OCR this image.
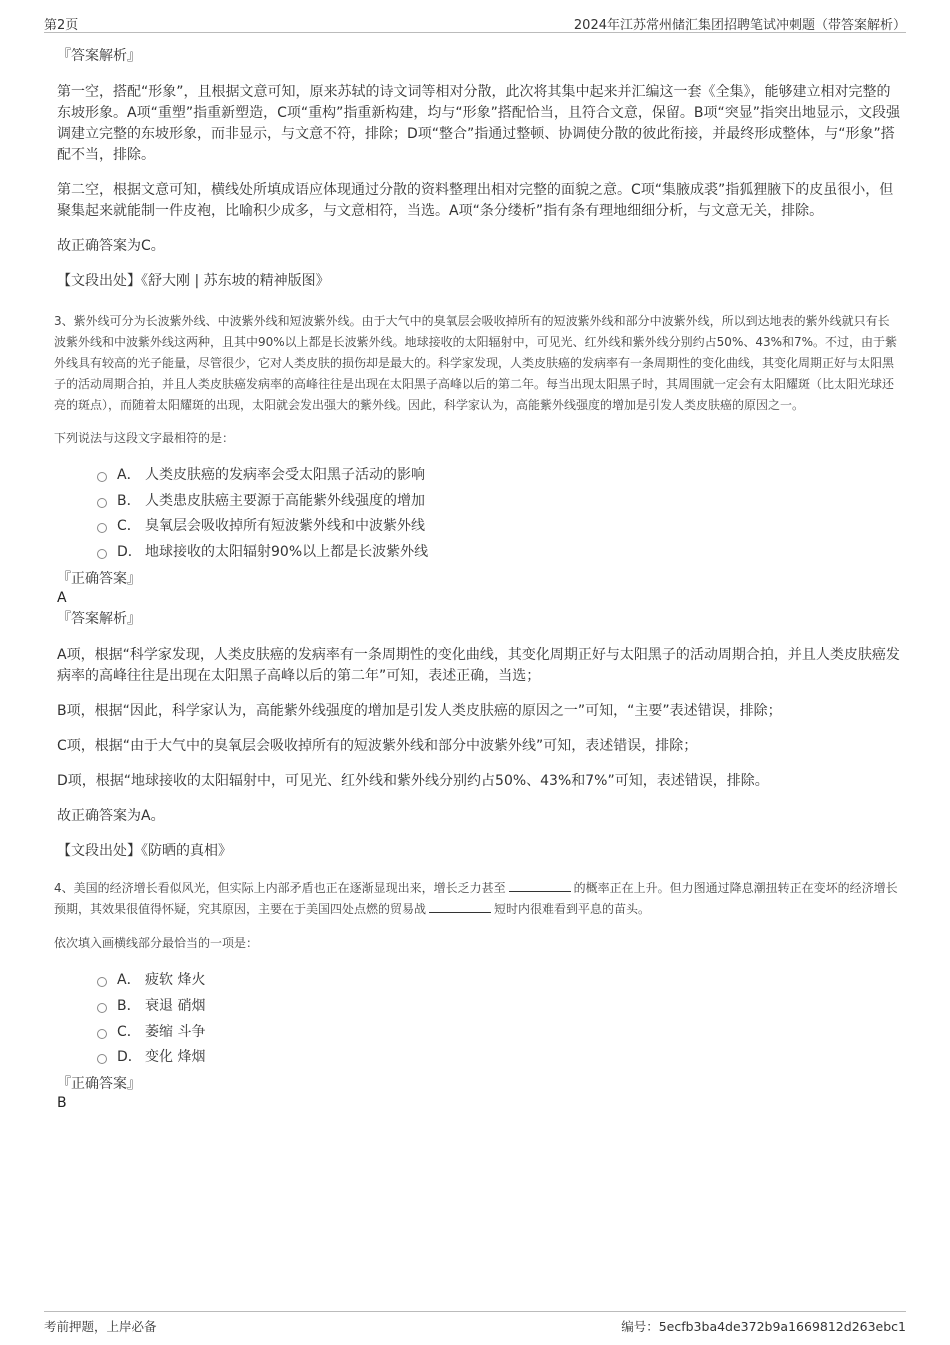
第2页	2024年江苏常州储汇集团招聘笔试冲刺题（带答案解析）

『答案解析』

第一空，搭配“形象”，且根据文意可知，原来苏轼的诗文词等相对分散，此次将其集中起来并汇编这一套《全集》，能够建立相对完整的东坡形象。A项“重塑”指重新塑造，C项“重构”指重新构建，均与“形象”搭配恰当，且符合文意，保留。B项“突显”指突出地显示，文段强调建立完整的东坡形象，而非显示，与文意不符，排除；D项“整合”指通过整顿、协调使分散的彼此衔接，并最终形成整体，与“形象”搭配不当，排除。

第二空，根据文意可知，横线处所填成语应体现通过分散的资料整理出相对完整的面貌之意。C项“集腋成裘”指狐狸腋下的皮虽很小，但聚集起来就能制一件皮袍，比喻积少成多，与文意相符，当选。A项“条分缕析”指有条有理地细细分析，与文意无关，排除。

故正确答案为C。

【文段出处】《舒大刚 | 苏东坡的精神版图》

3、紫外线可分为长波紫外线、中波紫外线和短波紫外线。由于大气中的臭氧层会吸收掉所有的短波紫外线和部分中波紫外线，所以到达地表的紫外线就只有长波紫外线和中波紫外线这两种，且其中90%以上都是长波紫外线。地球接收的太阳辐射中，可见光、红外线和紫外线分别约占50%、43%和7%。不过，由于紫外线具有较高的光子能量，尽管很少，它对人类皮肤的损伤却是最大的。科学家发现，人类皮肤癌的发病率有一条周期性的变化曲线，其变化周期正好与太阳黑子的活动周期合拍，并且人类皮肤癌发病率的高峰往往是出现在太阳黑子高峰以后的第二年。每当出现太阳黑子时，其周围就一定会有太阳耀斑（比太阳光球还亮的斑点），而随着太阳耀斑的出现，太阳就会发出强大的紫外线。因此，科学家认为，高能紫外线强度的增加是引发人类皮肤癌的原因之一。

下列说法与这段文字最相符的是：

A． 人类皮肤癌的发病率会受太阳黑子活动的影响
B． 人类患皮肤癌主要源于高能紫外线强度的增加
C． 臭氧层会吸收掉所有短波紫外线和中波紫外线
D． 地球接收的太阳辐射90%以上都是长波紫外线

『正确答案』

A

『答案解析』

A项，根据“科学家发现，人类皮肤癌的发病率有一条周期性的变化曲线，其变化周期正好与太阳黑子的活动周期合拍，并且人类皮肤癌发病率的高峰往往是出现在太阳黑子高峰以后的第二年”可知，表述正确，当选；

B项，根据“因此，科学家认为，高能紫外线强度的增加是引发人类皮肤癌的原因之一”可知，“主要”表述错误，排除；

C项，根据“由于大气中的臭氧层会吸收掉所有的短波紫外线和部分中波紫外线”可知，表述错误，排除；

D项，根据“地球接收的太阳辐射中，可见光、红外线和紫外线分别约占50%、43%和7%”可知，表述错误，排除。

故正确答案为A。

【文段出处】《防晒的真相》

4、美国的经济增长看似风光，但实际上内部矛盾也正在逐渐显现出来，增长乏力甚至	的概率正在上升。但力图通过降息潮扭转正在变坏的经济增长预期，其效果很值得怀疑，究其原因，主要在于美国四处点燃的贸易战	短时内很难看到平息的苗头。

依次填入画横线部分最恰当的一项是：

A． 疲软 烽火
B． 衰退 硝烟
C． 萎缩 斗争
D． 变化 烽烟

『正确答案』

B

考前押题，上岸必备	编号：5ecfb3ba4de372b9a1669812d263ebc1
